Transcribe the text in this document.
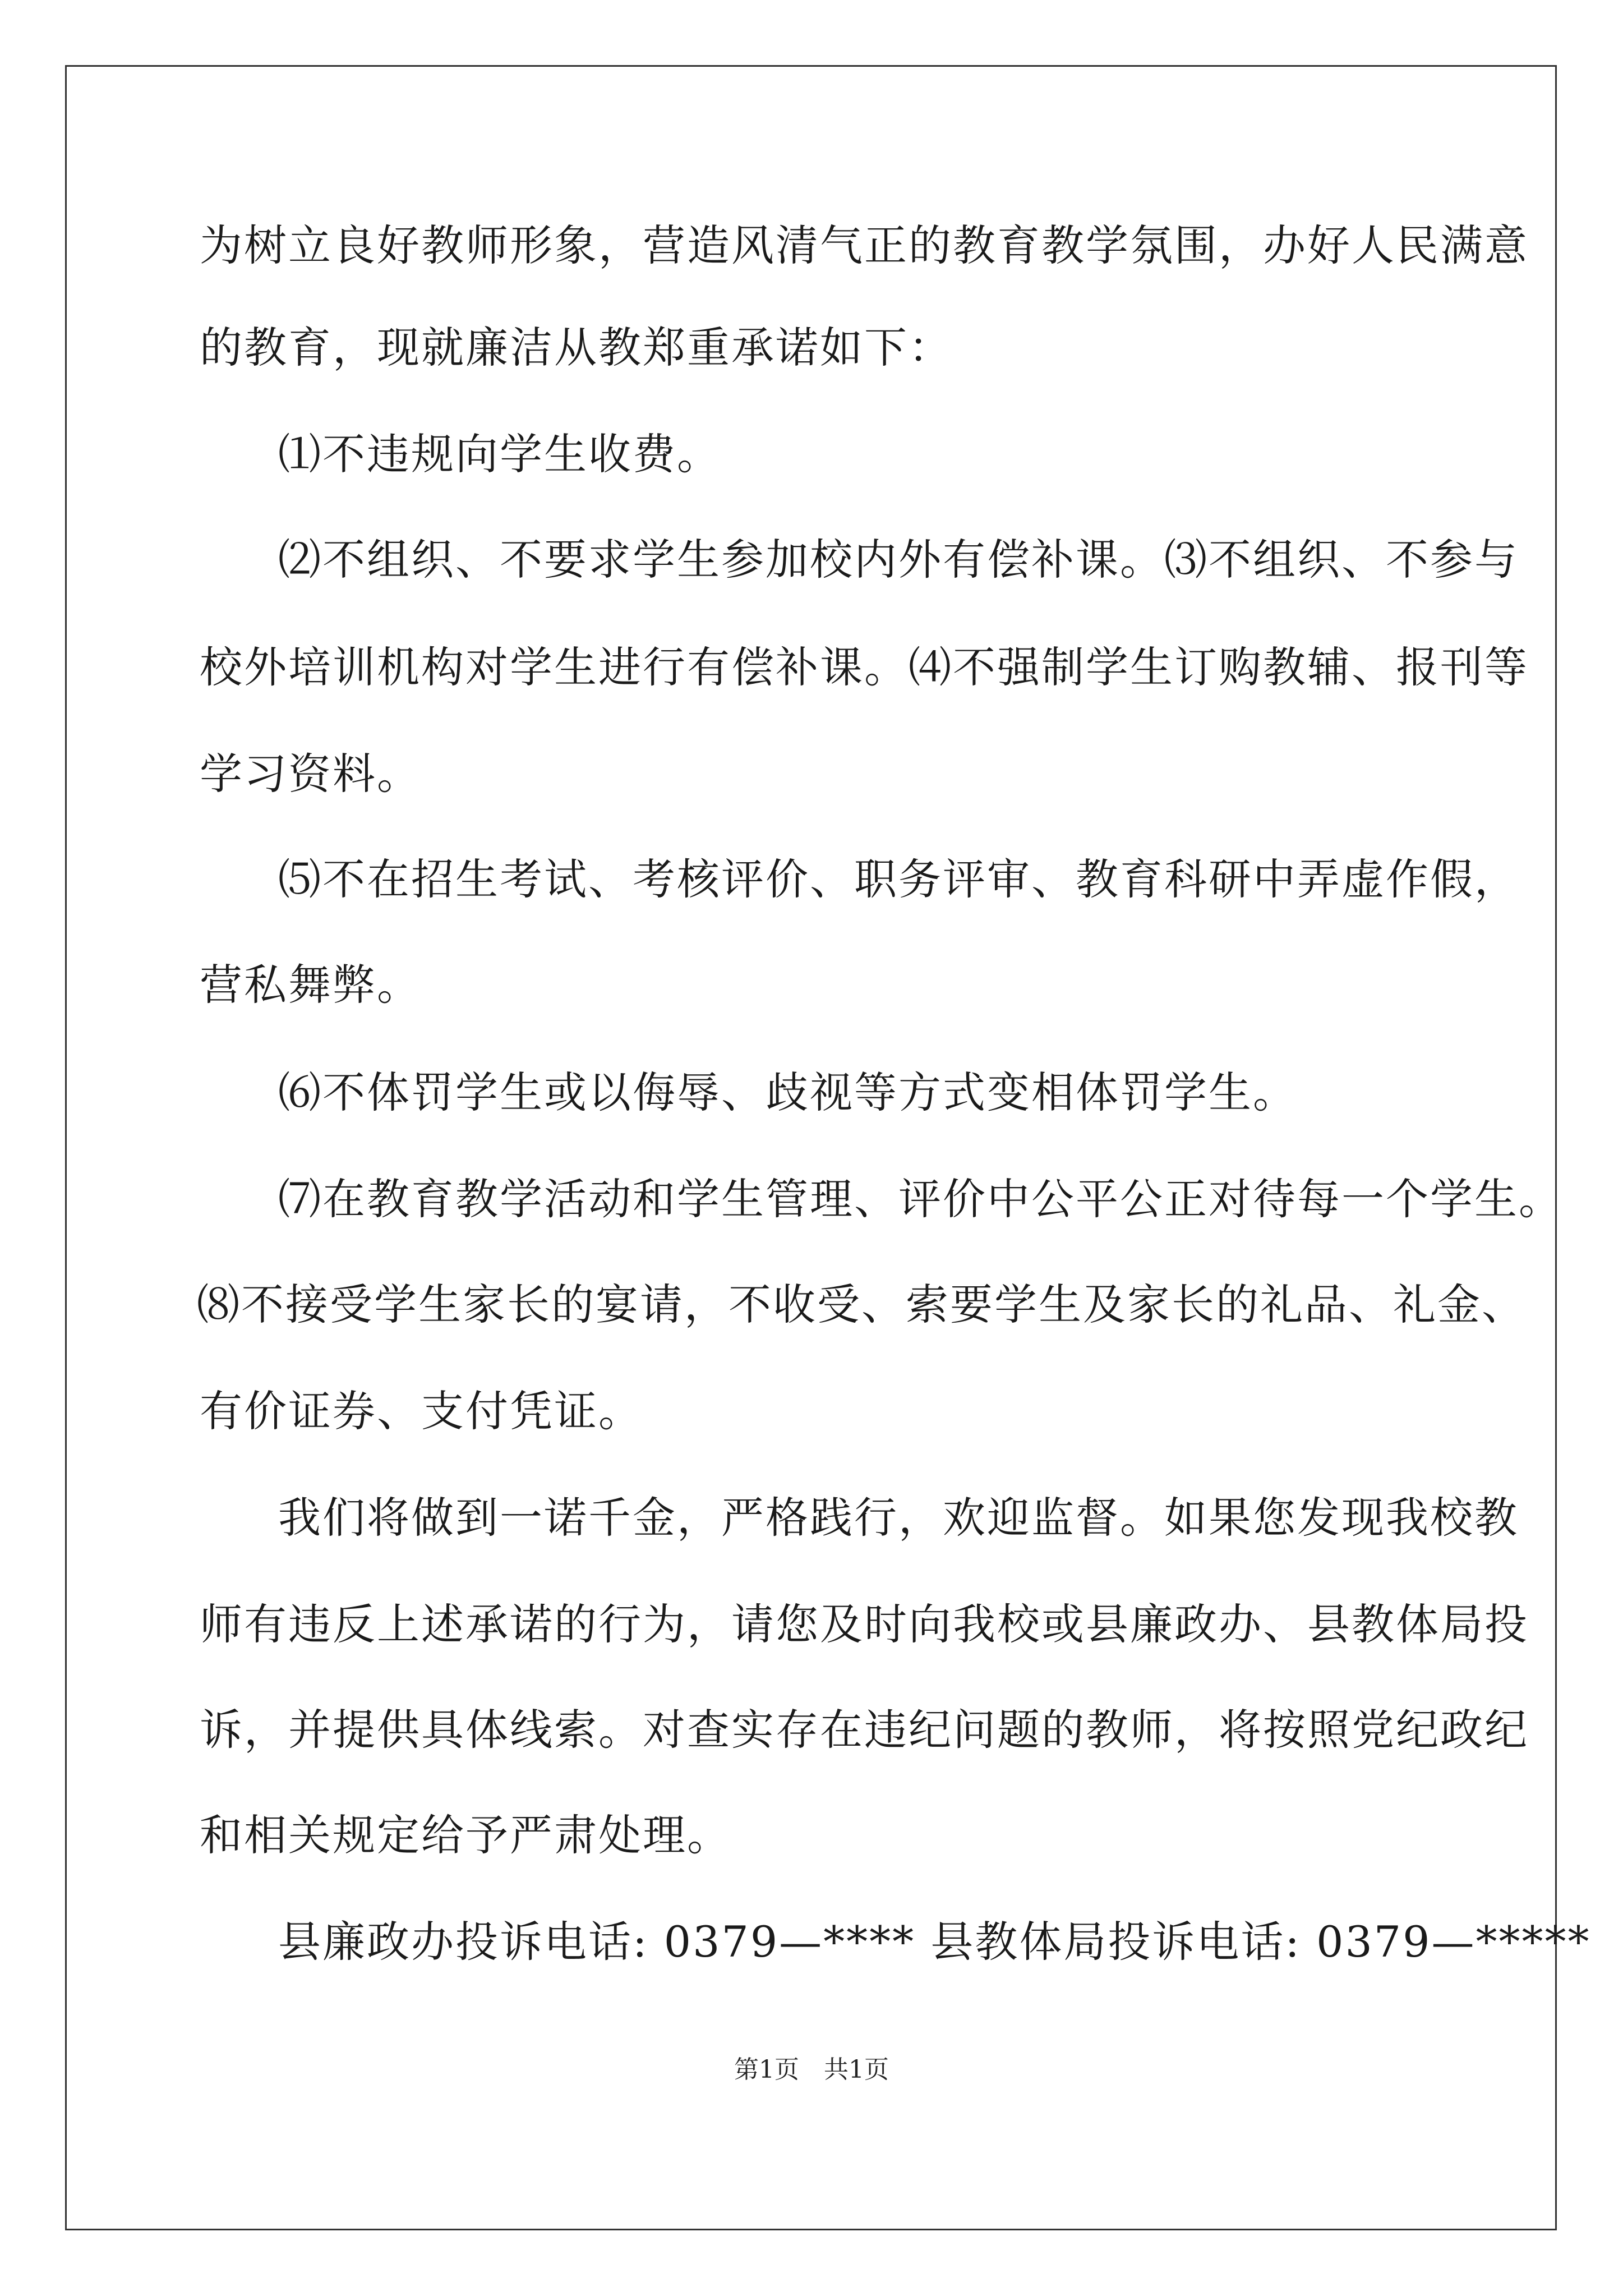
为树立良好教师形象，营造风清气正的教育教学氛围，办好人民满意
的教育，现就廉洁从教郑重承诺如下：
⑴不违规向学生收费。
⑵不组织、不要求学生参加校内外有偿补课。⑶不组织、不参与
校外培训机构对学生进行有偿补课。⑷不强制学生订购教辅、报刊等
学习资料。
⑸不在招生考试、考核评价、职务评审、教育科研中弄虚作假，
营私舞弊。
⑹不体罚学生或以侮辱、歧视等方式变相体罚学生。
⑺在教育教学活动和学生管理、评价中公平公正对待每一个学生。
⑻不接受学生家长的宴请，不收受、索要学生及家长的礼品、礼金、
有价证券、支付凭证。
我们将做到一诺千金，严格践行，欢迎监督。如果您发现我校教
师有违反上述承诺的行为，请您及时向我校或县廉政办、县教体局投
诉，并提供具体线索。对查实存在违纪问题的教师，将按照党纪政纪
和相关规定给予严肃处理。
县廉政办投诉电话: 0379—**** 县教体局投诉电话: 0379—*****
第1页　共1页
